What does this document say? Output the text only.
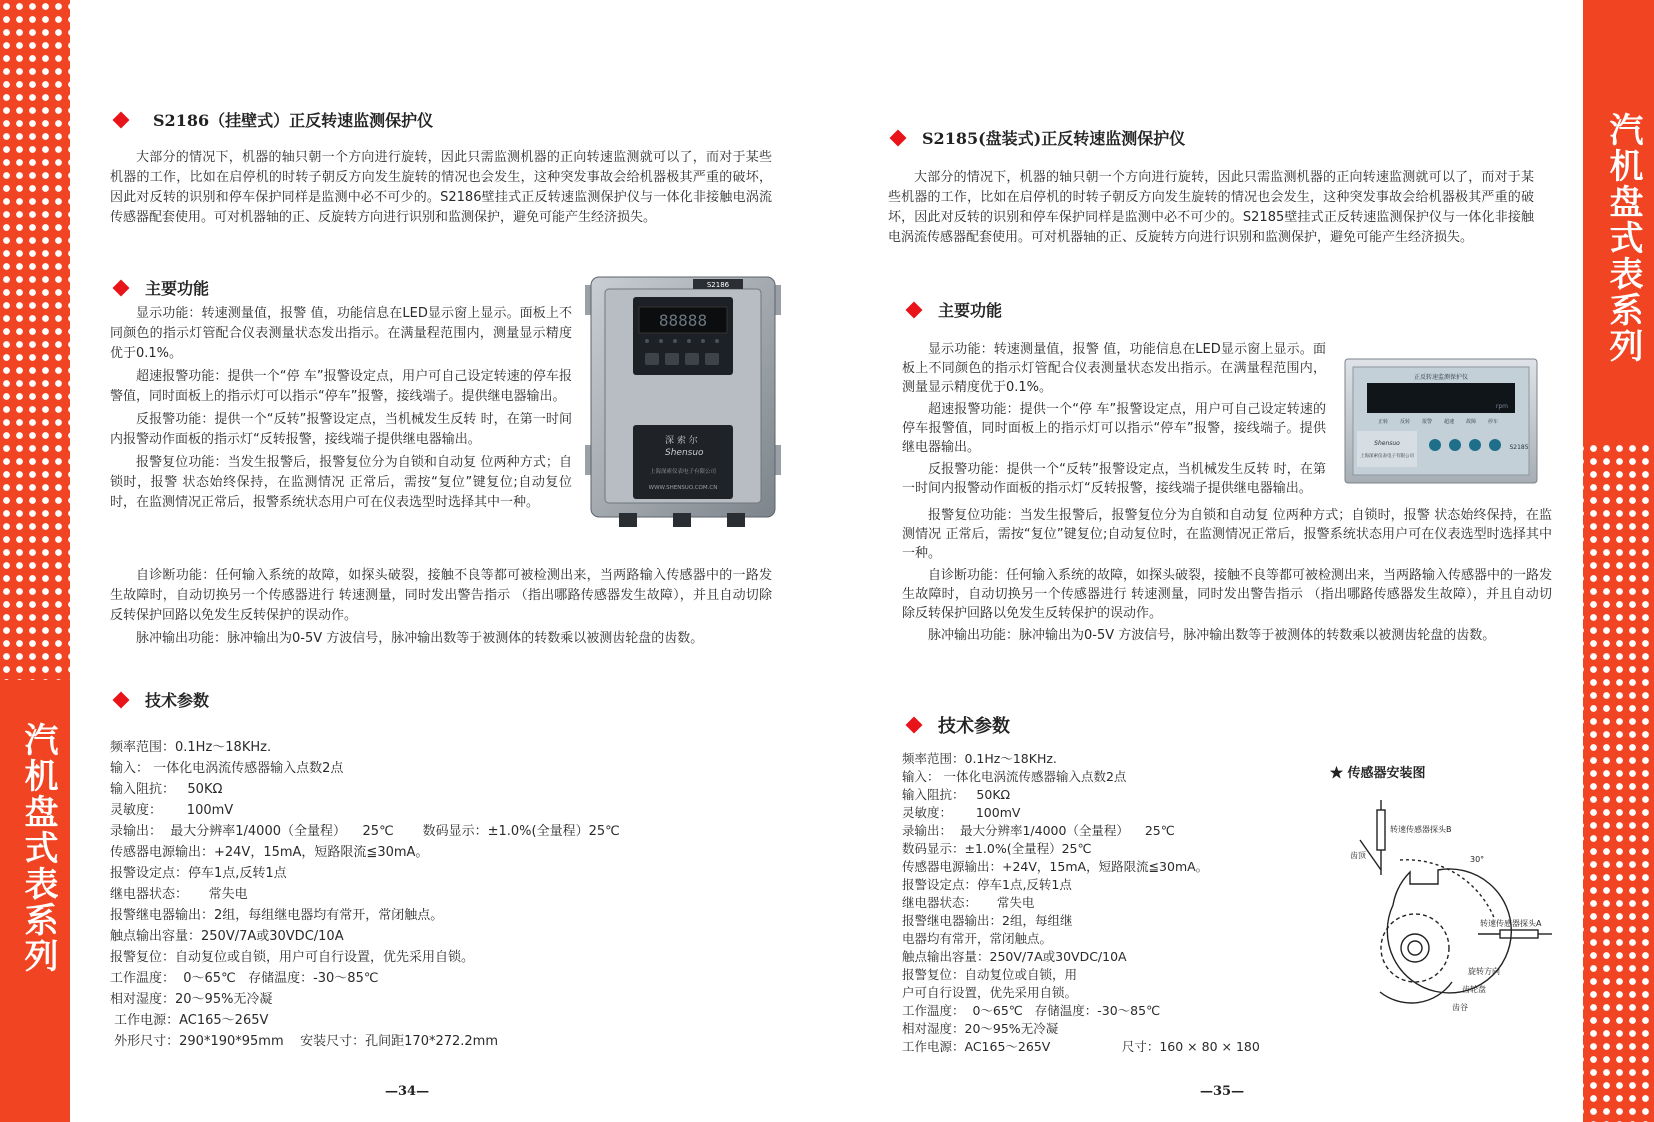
汽机盘式表系列
汽机盘式表系列
S2186（挂壁式）正反转速监测保护仪

大部分的情况下，机器的轴只朝一个方向进行旋转，因此只需监测机器的正向转速监测就可以了，而对于某些机器的工作，比如在启停机的时转子朝反方向发生旋转的情况也会发生，这种突发事故会给机器极其严重的破坏，因此对反转的识别和停车保护同样是监测中必不可少的。S2186壁挂式正反转速监测保护仪与一体化非接触电涡流传感器配套使用。可对机器轴的正、反旋转方向进行识别和监测保护，避免可能产生经济损失。

主要功能

显示功能：转速测量值，报警 值，功能信息在LED显示窗上显示。面板上不同颜色的指示灯管配合仪表测量状态发出指示。在满量程范围内，测量显示精度优于0.1%。

超速报警功能：提供一个“停 车”报警设定点，用户可自己设定转速的停车报警值，同时面板上的指示灯可以指示“停车”报警，接线端子。提供继电器输出。

反报警功能：提供一个“反转”报警设定点，当机械发生反转 时，在第一时间内报警动作面板的指示灯“反转报警，接线端子提供继电器输出。

报警复位功能：当发生报警后，报警复位分为自锁和自动复 位两种方式；自锁时，报警 状态始终保持，在监测情况 正常后，需按“复位”键复位;自动复位时，在监测情况正常后，报警系统状态用户可在仪表选型时选择其中一种。

自诊断功能：任何输入系统的故障，如探头破裂，接触不良等都可被检测出来，当两路输入传感器中的一路发生故障时，自动切换另一个传感器进行 转速测量，同时发出警告指示 （指出哪路传感器发生故障），并且自动切除反转保护回路以免发生反转保护的误动作。

脉冲输出功能：脉冲输出为0-5V 方波信号，脉冲输出数等于被测体的转数乘以被测齿轮盘的齿数。

S2186
88888
深 索 尔
Shensuo
上海深索仪表电子有限公司
WWW.SHENSUO.COM.CN
技术参数
频率范围：0.1Hz～18KHz.
输入： 一体化电涡流传感器输入点数2点
输入阻抗：   50KΩ
灵敏度：      100mV
录输出：  最大分辨率1/4000（全量程）    25℃       数码显示：±1.0%(全量程）25℃
传感器电源输出：+24V，15mA，短路限流≦30mA。
报警设定点：停车1点,反转1点
继电器状态：     常失电
报警继电器输出：2组，每组继电器均有常开，常闭触点。
触点输出容量：250V/7A或30VDC/10A
报警复位：自动复位或自锁，用户可自行设置，优先采用自锁。
工作温度：  0～65℃   存储温度：-30～85℃
相对湿度：20～95%无冷凝
工作电源：AC165～265V
外形尺寸：290*190*95mm    安装尺寸：孔间距170*272.2mm
—34—
S2185(盘装式)正反转速监测保护仪

大部分的情况下，机器的轴只朝一个方向进行旋转，因此只需监测机器的正向转速监测就可以了，而对于某些机器的工作，比如在启停机的时转子朝反方向发生旋转的情况也会发生，这种突发事故会给机器极其严重的破坏，因此对反转的识别和停车保护同样是监测中必不可少的。S2185壁挂式正反转速监测保护仪与一体化非接触电涡流传感器配套使用。可对机器轴的正、反旋转方向进行识别和监测保护，避免可能产生经济损失。

主要功能

显示功能：转速测量值，报警 值，功能信息在LED显示窗上显示。面板上不同颜色的指示灯管配合仪表测量状态发出指示。在满量程范围内，测量显示精度优于0.1%。

超速报警功能：提供一个“停 车”报警设定点，用户可自己设定转速的停车报警值，同时面板上的指示灯可以指示“停车”报警，接线端子。提供继电器输出。

反报警功能：提供一个“反转”报警设定点，当机械发生反转 时，在第一时间内报警动作面板的指示灯“反转报警，接线端子提供继电器输出。

报警复位功能：当发生报警后，报警复位分为自锁和自动复 位两种方式；自锁时，报警 状态始终保持，在监测情况 正常后，需按“复位”键复位;自动复位时，在监测情况正常后，报警系统状态用户可在仪表选型时选择其中一种。

自诊断功能：任何输入系统的故障，如探头破裂，接触不良等都可被检测出来，当两路输入传感器中的一路发生故障时，自动切换另一个传感器进行 转速测量，同时发出警告指示 （指出哪路传感器发生故障），并且自动切除反转保护回路以免发生反转保护的误动作。

脉冲输出功能：脉冲输出为0-5V 方波信号，脉冲输出数等于被测体的转数乘以被测齿轮盘的齿数。

正反转速监测保护仪
rpm
正转 反转 报警 超速 故障 停车
Shensuo
上海深索仪表电子有限公司
S2185
技术参数
频率范围：0.1Hz～18KHz.
输入： 一体化电涡流传感器输入点数2点
输入阻抗：   50KΩ
灵敏度：      100mV
录输出：  最大分辨率1/4000（全量程）    25℃
数码显示：±1.0%(全量程）25℃
传感器电源输出：+24V，15mA，短路限流≦30mA。
报警设定点：停车1点,反转1点
继电器状态：     常失电
报警继电器输出：2组，每组继
电器均有常开，常闭触点。
触点输出容量：250V/7A或30VDC/10A
报警复位：自动复位或自锁，用
户可自行设置，优先采用自锁。
工作温度：  0～65℃   存储温度：-30～85℃
相对湿度：20～95%无冷凝
工作电源：AC165～265V                  尺寸：160 × 80 × 180
★ 传感器安装图
转速传感器探头B
齿顶	30°
转速传感器探头A
旋转方向
齿轮盘
齿谷
—35—
